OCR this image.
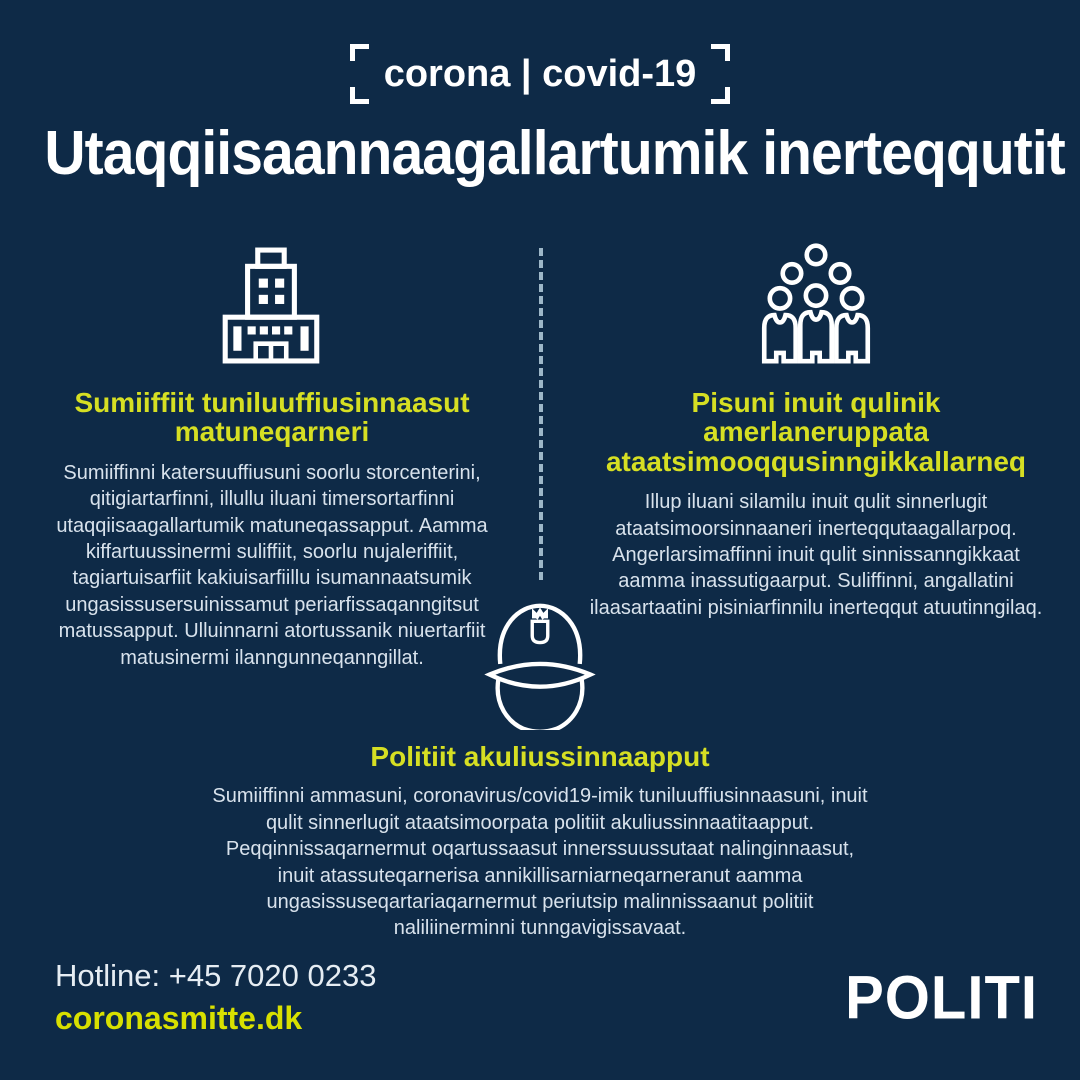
corona | covid-19
Utaqqiisaannaagallartumik inerteqqutit
Sumiiffiit tuniluuffiusinnaasut matuneqarneri

Sumiiffinni katersuuffiusuni soorlu storcenterini, qitigiartarfinni, illullu iluani timersortarfinni utaqqiisaagallartumik matuneqassapput. Aamma kiffartuussinermi suliffiit, soorlu nujaleriffiit, tagiartuisarfiit kakiuisarfiillu isumannaatsumik ungasissusersuinissamut periarfissaqanngitsut matussapput. Ulluinnarni atortussanik niuertarfiit matusinermi ilanngunneqanngillat.

Pisuni inuit qulinik amerlaneruppata ataatsimooqqusinngikkallarneq

Illup iluani silamilu inuit qulit sinnerlugit ataatsimoorsinnaaneri inerteqqutaagallarpoq. Angerlarsimaffinni inuit qulit sinnissanngikkaat aamma inassutigaarput. Suliffinni, angallatini ilaasartaatini pisiniarfinnilu inerteqqut atuutinngilaq.

Politiit akuliussinnaapput

Sumiiffinni ammasuni, coronavirus/covid19-imik tuniluuffiusinnaasuni, inuit qulit sinnerlugit ataatsimoorpata politiit akuliussinnaatitaapput. Peqqinnissaqarnermut oqartussaasut innerssuussutaat nalinginnaasut, inuit atassuteqarnerisa annikillisarniarneqarneranut aamma ungasissuseqartariaqarnermut periutsip malinnissaanut politiit naliliinerminni tunngavigissavaat.

Hotline: +45 7020 0233
coronasmitte.dk	POLITI
